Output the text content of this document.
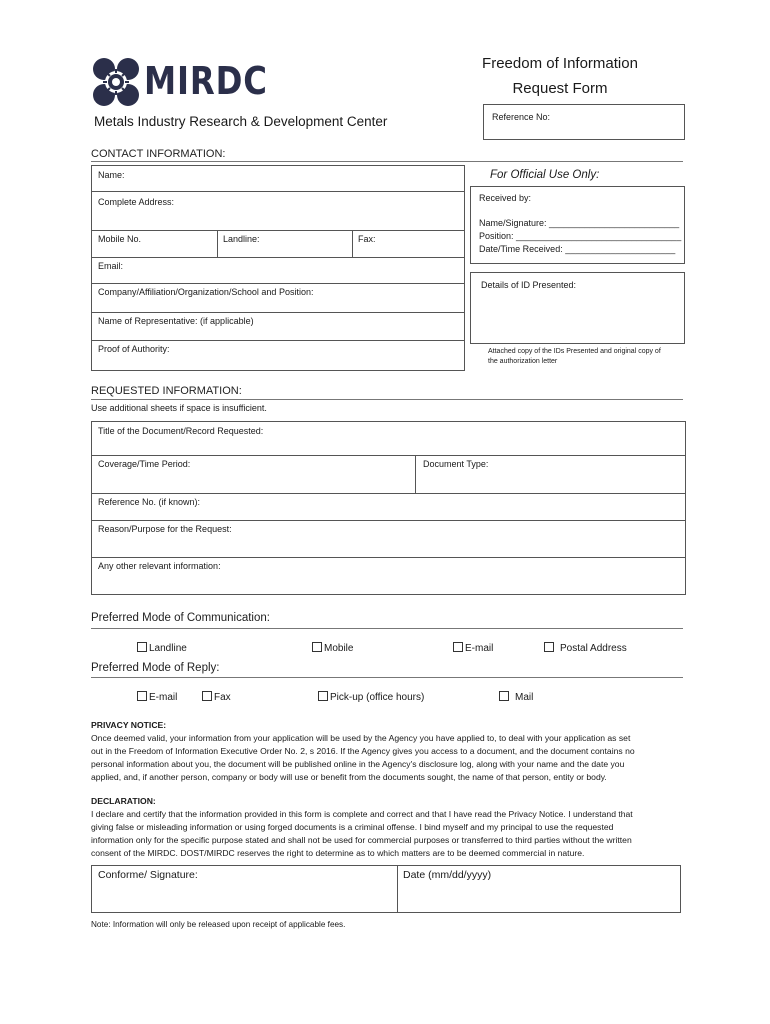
MIRDC
Metals Industry Research & Development Center
Freedom of Information
Request Form
Reference No:
CONTACT INFORMATION:
Name:
Complete Address:
Mobile No.	Landline:	Fax:
Email:
Company/Affiliation/Organization/School and Position:
Name of Representative: (if applicable)
Proof of Authority:
For Official Use Only:
Received by:
Name/Signature: __________________________
Position: _________________________________
Date/Time Received: ______________________
Details of ID Presented:
Attached copy of the IDs Presented and original copy of
the authorization letter
REQUESTED INFORMATION:
Use additional sheets if space is insufficient.
Title of the Document/Record Requested:
Coverage/Time Period:	Document Type:
Reference No. (if known):
Reason/Purpose for the Request:
Any other relevant information:
Preferred Mode of Communication:
Landline	Mobile	E-mail	Postal Address
Preferred Mode of Reply:
E-mail	Fax	Pick-up (office hours)	Mail
PRIVACY NOTICE:
Once deemed valid, your information from your application will be used by the Agency you have applied to, to deal with your application as set
out in the Freedom of Information Executive Order No. 2, s 2016. If the Agency gives you access to a document, and the document contains no
personal information about you, the document will be published online in the Agency's disclosure log, along with your name and the date you
applied, and, if another person, company or body will use or benefit from the documents sought, the name of that person, entity or body.
DECLARATION:
I declare and certify that the information provided in this form is complete and correct and that I have read the Privacy Notice. I understand that
giving false or misleading information or using forged documents is a criminal offense. I bind myself and my principal to use the requested
information only for the specific purpose stated and shall not be used for commercial purposes or transferred to third parties without the written
consent of the MIRDC. DOST/MIRDC reserves the right to determine as to which matters are to be deemed commercial in nature.
Conforme/ Signature:	Date (mm/dd/yyyy)
Note: Information will only be released upon receipt of applicable fees.
